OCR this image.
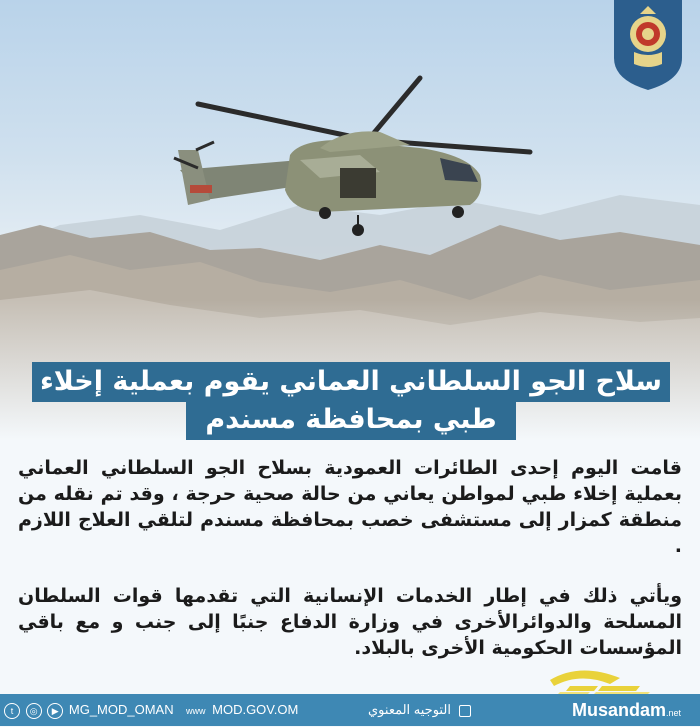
سلاح الجو السلطاني العماني يقوم بعملية إخلاء
طبي بمحافظة مسندم

قامت اليوم إحدى الطائرات العمودية بسلاح الجو السلطاني العماني بعملية إخلاء طبي لمواطن يعاني من حالة صحية حرجة ، وقد تم نقله من منطقة كمزار إلى مستشفى خصب بمحافظة مسندم لتلقي العلاج اللازم .

ويأتي ذلك في إطار الخدمات الإنسانية التي تقدمها قوات السلطان المسلحة والدوائرالأخرى في وزارة الدفاع جنبًا إلى جنب و مع باقي المؤسسات الحكومية الأخرى بالبلاد.

t ◎ ▶ MG_MOD_OMAN www MOD.GOV.OM	التوجيه المعنوي	Musandam.net
